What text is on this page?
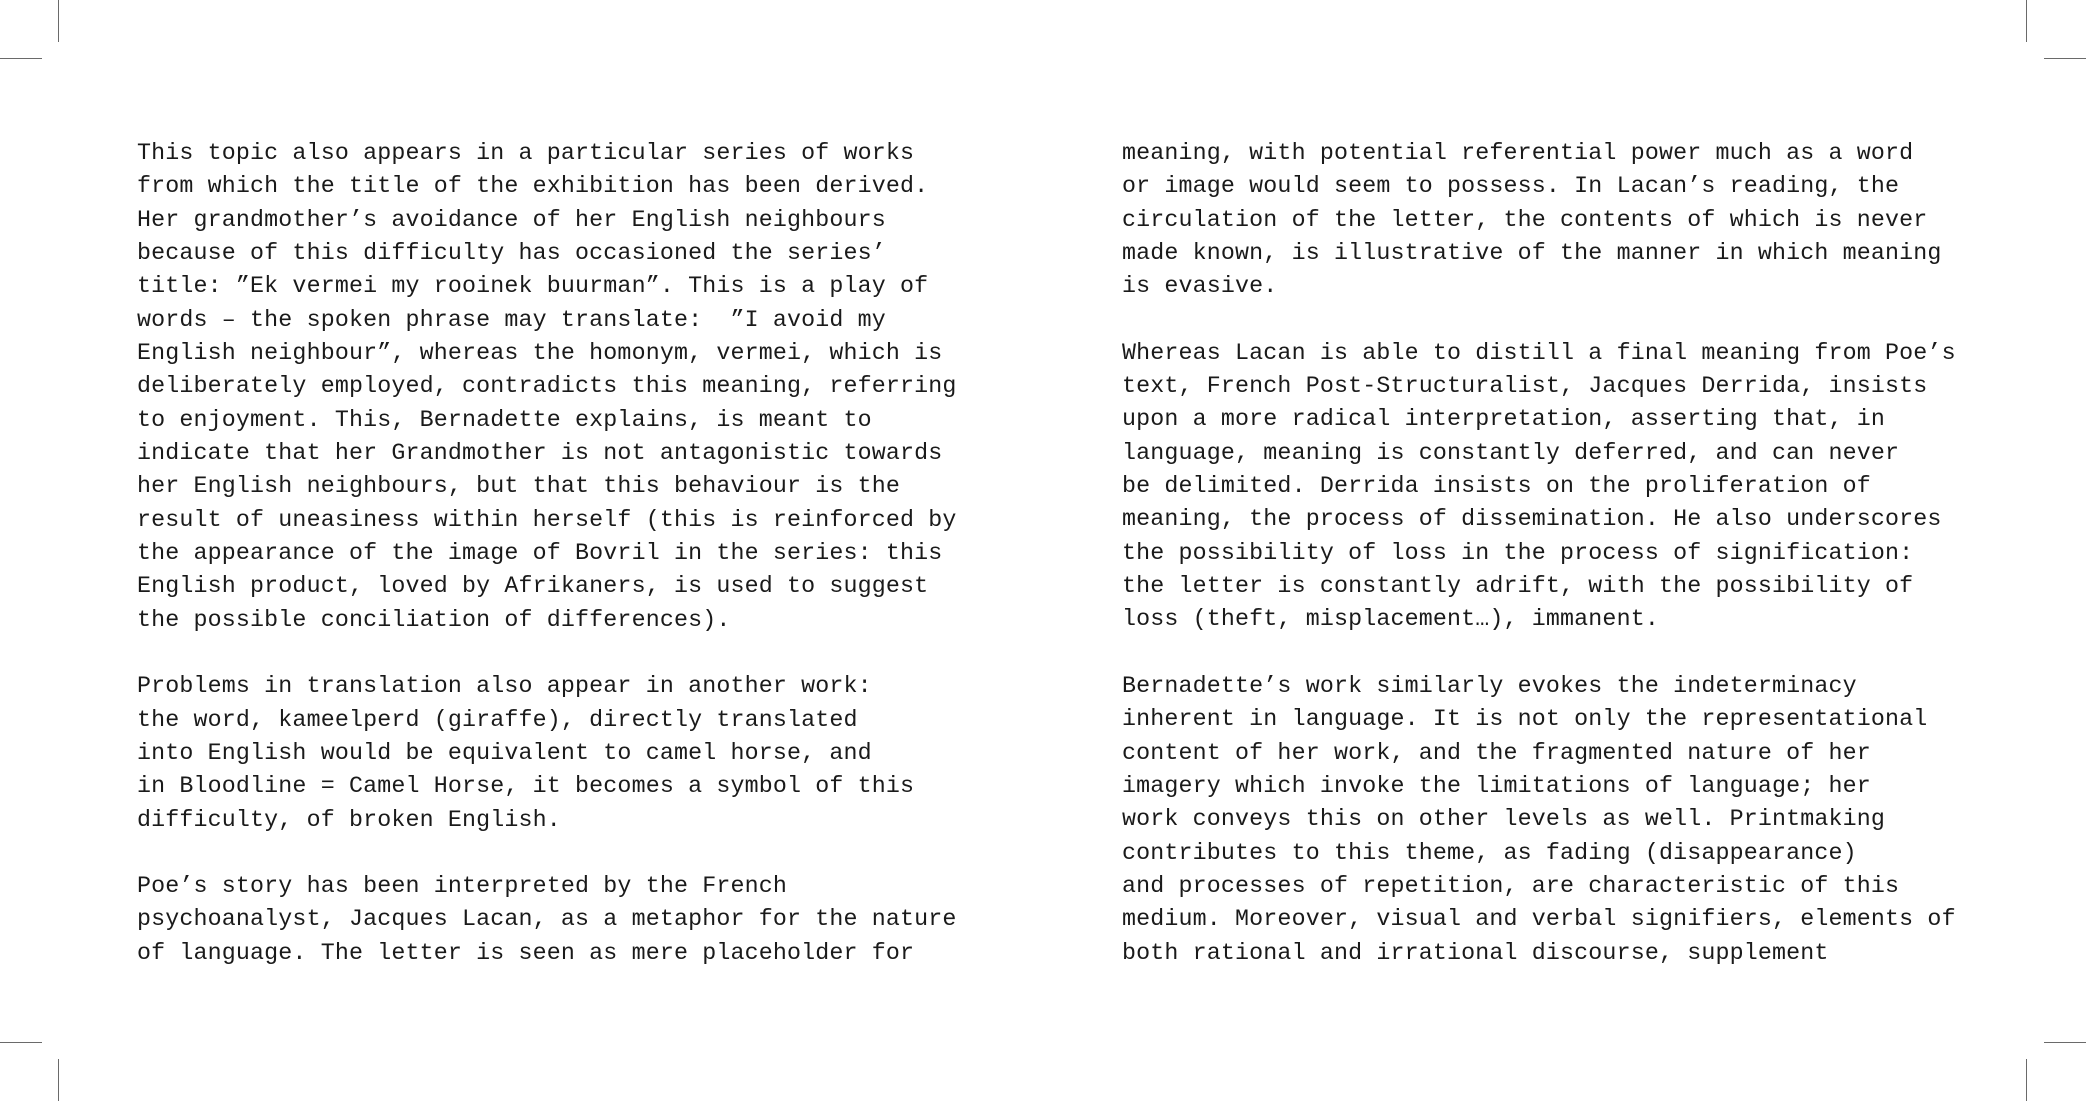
This topic also appears in a particular series of works
from which the title of the exhibition has been derived.
Her grandmother’s avoidance of her English neighbours
because of this difficulty has occasioned the series’
title: ”Ek vermei my rooinek buurman”. This is a play of
words – the spoken phrase may translate:  ”I avoid my
English neighbour”, whereas the homonym, vermei, which is
deliberately employed, contradicts this meaning, referring
to enjoyment. This, Bernadette explains, is meant to
indicate that her Grandmother is not antagonistic towards
her English neighbours, but that this behaviour is the
result of uneasiness within herself (this is reinforced by
the appearance of the image of Bovril in the series: this
English product, loved by Afrikaners, is used to suggest
the possible conciliation of differences).

Problems in translation also appear in another work:
the word, kameelperd (giraffe), directly translated
into English would be equivalent to camel horse, and
in Bloodline = Camel Horse, it becomes a symbol of this
difficulty, of broken English.

Poe’s story has been interpreted by the French
psychoanalyst, Jacques Lacan, as a metaphor for the nature
of language. The letter is seen as mere placeholder for

meaning, with potential referential power much as a word
or image would seem to possess. In Lacan’s reading, the
circulation of the letter, the contents of which is never
made known, is illustrative of the manner in which meaning
is evasive.

Whereas Lacan is able to distill a final meaning from Poe’s
text, French Post-Structuralist, Jacques Derrida, insists
upon a more radical interpretation, asserting that, in
language, meaning is constantly deferred, and can never
be delimited. Derrida insists on the proliferation of
meaning, the process of dissemination. He also underscores
the possibility of loss in the process of signification:
the letter is constantly adrift, with the possibility of
loss (theft, misplacement…), immanent.

Bernadette’s work similarly evokes the indeterminacy
inherent in language. It is not only the representational
content of her work, and the fragmented nature of her
imagery which invoke the limitations of language; her
work conveys this on other levels as well. Printmaking
contributes to this theme, as fading (disappearance)
and processes of repetition, are characteristic of this
medium. Moreover, visual and verbal signifiers, elements of
both rational and irrational discourse, supplement
